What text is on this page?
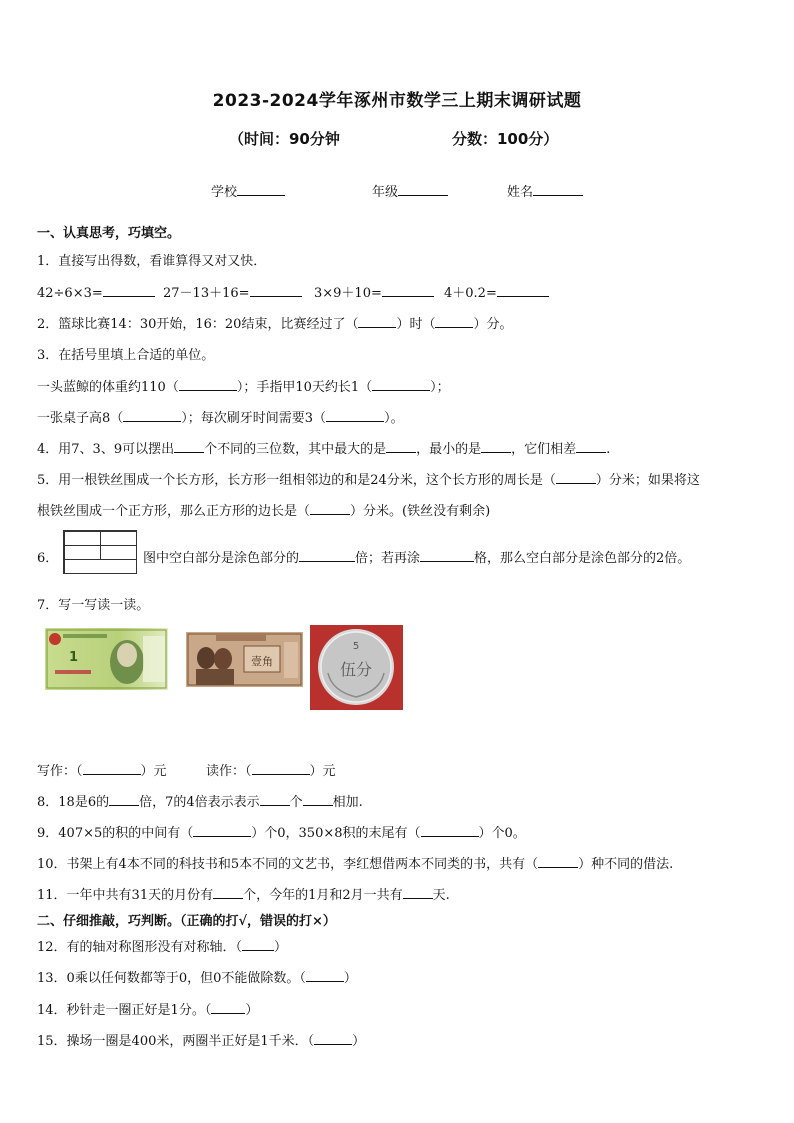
2023-2024学年涿州市数学三上期末调研试题
（时间：90分钟	分数：100分）
学校	年级	姓名
一、认真思考，巧填空。
1．直接写出得数，看谁算得又对又快．
42÷6×3=	27－13＋16=	3×9＋10=	4＋0.2=
2．篮球比赛14：30开始，16：20结束，比赛经过了（	）时（	）分。
3．在括号里填上合适的单位。
一头蓝鲸的体重约110（	）；手指甲10天约长1（	）；
一张桌子高8（	）；每次刷牙时间需要3（	）。
4．用7、3、9可以摆出 个不同的三位数，其中最大的是 ，最小的是 ，它们相差 .
5．用一根铁丝围成一个长方形，长方形一组相邻边的和是24分米，这个长方形的周长是（	）分米；如果将这
根铁丝围成一个正方形，那么正方形的边长是（	）分米。(铁丝没有剩余)
6．	图中空白部分是涂色部分的	倍；若再涂	格，那么空白部分是涂色部分的2倍。
7．写一写读一读。
1	壹角
5
伍分
写作：（	）元	读作：（	）元
8．18是6的 倍，7的4倍表示表示 个 相加.
9．407×5的积的中间有（	）个0，350×8积的末尾有（	）个0。
10．书架上有4本不同的科技书和5本不同的文艺书，李红想借两本不同类的书，共有（	）种不同的借法.
11．一年中共有31天的月份有 个，今年的1月和2月一共有 天.
二、仔细推敲，巧判断。（正确的打√，错误的打×）
12．有的轴对称图形没有对称轴．（ ）
13．0乘以任何数都等于0，但0不能做除数。（	）
14．秒针走一圈正好是1分。（	）
15．操场一圈是400米，两圈半正好是1千米．（	）
